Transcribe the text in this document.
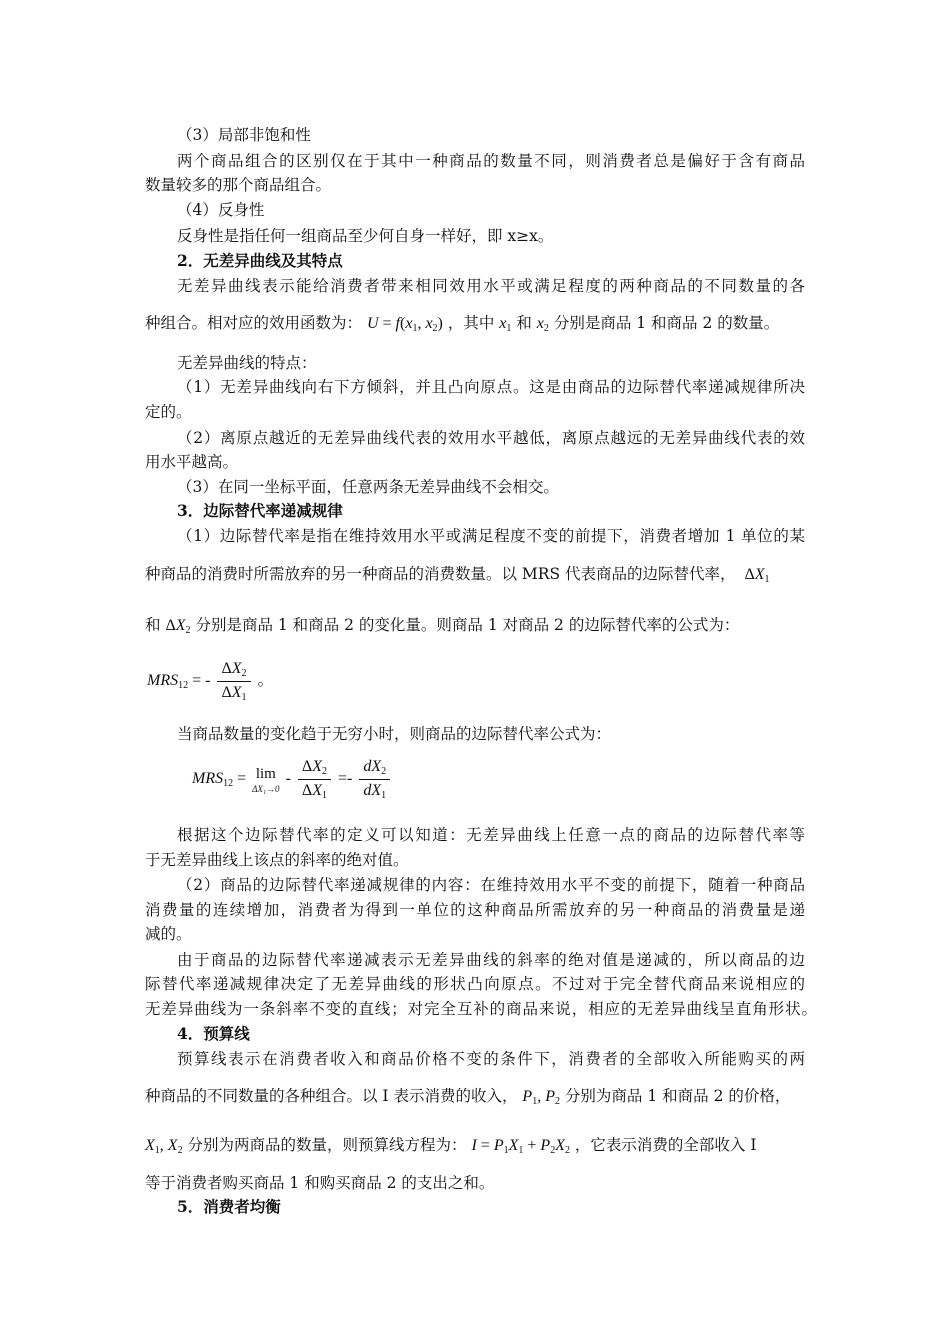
（3）局部非饱和性
两个商品组合的区别仅在于其中一种商品的数量不同，则消费者总是偏好于含有商品
数量较多的那个商品组合。
（4）反身性
反身性是指任何一组商品至少何自身一样好，即 x≥x。
2．无差异曲线及其特点
无差异曲线表示能给消费者带来相同效用水平或满足程度的两种商品的不同数量的各
种组合。相对应的效用函数为： $U = f(x_1$, $x_2$) ，其中 $x_1$ 和 $x_2$ 分别是商品 1 和商品 2 的数量。
无差异曲线的特点：
（1）无差异曲线向右下方倾斜，并且凸向原点。这是由商品的边际替代率递减规律所决
定的。
（2）离原点越近的无差异曲线代表的效用水平越低，离原点越远的无差异曲线代表的效
用水平越高。
（3）在同一坐标平面，任意两条无差异曲线不会相交。
3．边际替代率递减规律
（1）边际替代率是指在维持效用水平或满足程度不变的前提下，消费者增加 1 单位的某
种商品的消费时所需放弃的另一种商品的消费数量。以 MRS 代表商品的边际替代率， $\Delta X_1$
和 $\Delta X_2$ 分别是商品 1 和商品 2 的变化量。则商品 1 对商品 2 的边际替代率的公式为：
$MRS_{12}$ = - $\frac{\Delta X_2}{\Delta X_1}$ 。
当商品数量的变化趋于无穷小时，则商品的边际替代率公式为：
$MRS_{12} = \lim$
ΔX₁→0
- $\frac{\Delta X_2}{\Delta X_1} =- \frac{dX_2}{dX_1}$
根据这个边际替代率的定义可以知道：无差异曲线上任意一点的商品的边际替代率等
于无差异曲线上该点的斜率的绝对值。
（2）商品的边际替代率递减规律的内容：在维持效用水平不变的前提下，随着一种商品
消费量的连续增加，消费者为得到一单位的这种商品所需放弃的另一种商品的消费量是递
减的。
由于商品的边际替代率递减表示无差异曲线的斜率的绝对值是递减的，所以商品的边
际替代率递减规律决定了无差异曲线的形状凸向原点。不过对于完全替代商品来说相应的
无差异曲线为一条斜率不变的直线；对完全互补的商品来说，相应的无差异曲线呈直角形状。
4．预算线
预算线表示在消费者收入和商品价格不变的条件下，消费者的全部收入所能购买的两
种商品的不同数量的各种组合。以 I 表示消费的收入， $P_1$, $P_2$ 分别为商品 1 和商品 2 的价格，
$X_1$, $X_2$ 分别为两商品的数量，则预算线方程为： $I = P_1X_1 + P_2X_2$ ，它表示消费的全部收入 I
等于消费者购买商品 1 和购买商品 2 的支出之和。
5．消费者均衡
